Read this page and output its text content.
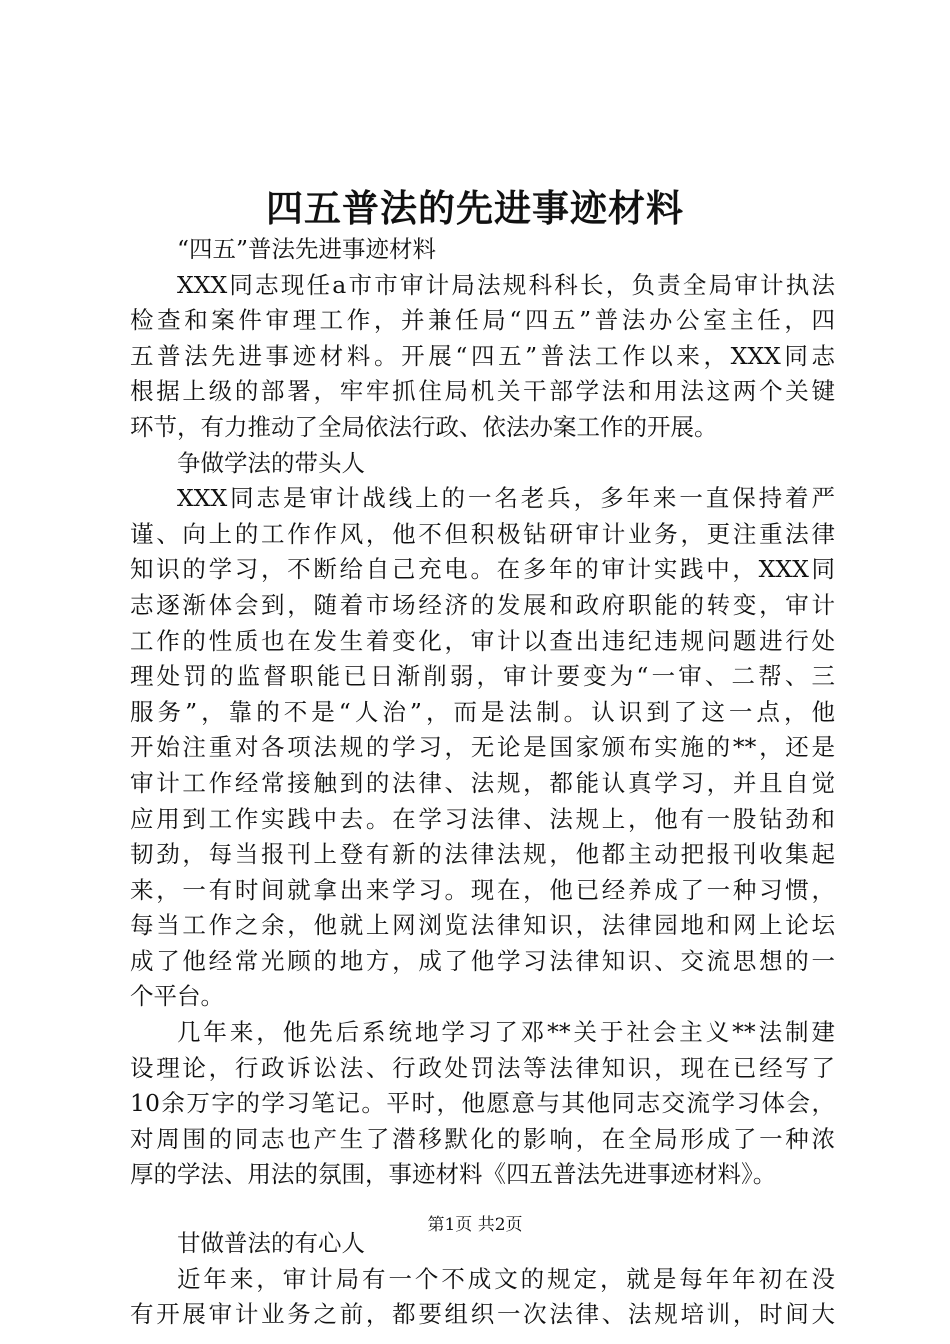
四五普法的先进事迹材料
“四五”普法先进事迹材料
XXX同志现任a市市审计局法规科科长，负责全局审计执法
检查和案件审理工作，并兼任局“四五”普法办公室主任，四
五普法先进事迹材料。开展“四五”普法工作以来，XXX同志
根据上级的部署，牢牢抓住局机关干部学法和用法这两个关键
环节，有力推动了全局依法行政、依法办案工作的开展。
争做学法的带头人
XXX同志是审计战线上的一名老兵，多年来一直保持着严
谨、向上的工作作风，他不但积极钻研审计业务，更注重法律
知识的学习，不断给自己充电。在多年的审计实践中，XXX同
志逐渐体会到，随着市场经济的发展和政府职能的转变，审计
工作的性质也在发生着变化，审计以查出违纪违规问题进行处
理处罚的监督职能已日渐削弱，审计要变为“一审、二帮、三
服务”，靠的不是“人治”，而是法制。认识到了这一点，他
开始注重对各项法规的学习，无论是国家颁布实施的**，还是
审计工作经常接触到的法律、法规，都能认真学习，并且自觉
应用到工作实践中去。在学习法律、法规上，他有一股钻劲和
韧劲，每当报刊上登有新的法律法规，他都主动把报刊收集起
来，一有时间就拿出来学习。现在，他已经养成了一种习惯，
每当工作之余，他就上网浏览法律知识，法律园地和网上论坛
成了他经常光顾的地方，成了他学习法律知识、交流思想的一
个平台。
几年来，他先后系统地学习了邓**关于社会主义**法制建
设理论，行政诉讼法、行政处罚法等法律知识，现在已经写了
10余万字的学习笔记。平时，他愿意与其他同志交流学习体会，
对周围的同志也产生了潜移默化的影响，在全局形成了一种浓
厚的学法、用法的氛围，事迹材料《四五普法先进事迹材料》。
甘做普法的有心人
近年来，审计局有一个不成文的规定，就是每年年初在没
有开展审计业务之前，都要组织一次法律、法规培训，时间大
第1页 共2页
